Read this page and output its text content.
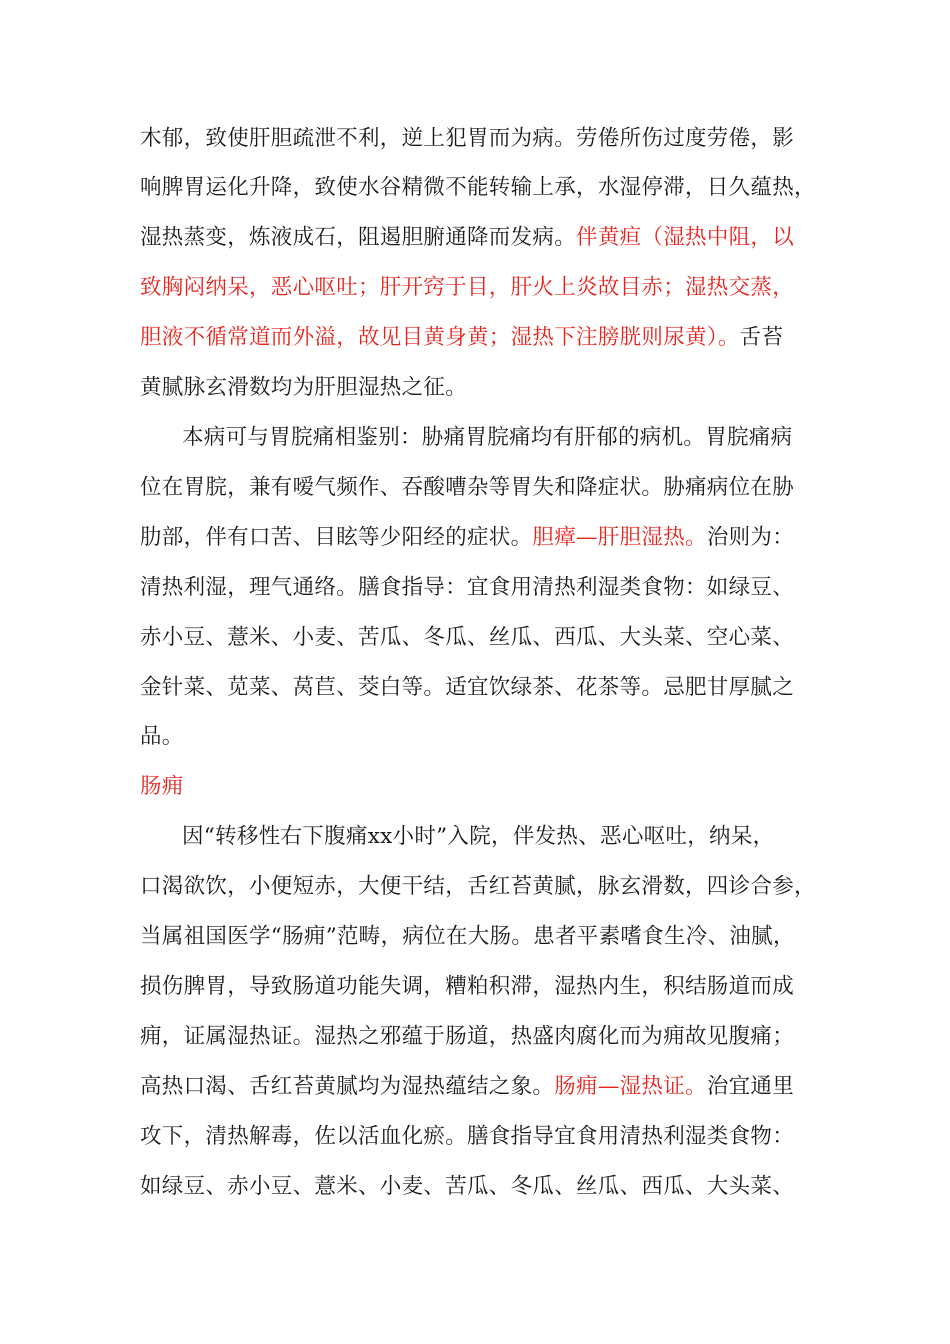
木郁，致使肝胆疏泄不利，逆上犯胃而为病。劳倦所伤过度劳倦，影
响脾胃运化升降，致使水谷精微不能转输上承，水湿停滞，日久蕴热，
湿热蒸变，炼液成石，阻遏胆腑通降而发病。伴黄疸（湿热中阻，以
致胸闷纳呆，恶心呕吐；肝开窍于目，肝火上炎故目赤；湿热交蒸，
胆液不循常道而外溢，故见目黄身黄；湿热下注膀胱则尿黄）。舌苔
黄腻脉玄滑数均为肝胆湿热之征。
本病可与胃脘痛相鉴别：胁痛胃脘痛均有肝郁的病机。胃脘痛病
位在胃脘，兼有嗳气频作、吞酸嘈杂等胃失和降症状。胁痛病位在胁
肋部，伴有口苦、目眩等少阳经的症状。胆瘴—肝胆湿热。治则为：
清热利湿，理气通络。膳食指导：宜食用清热利湿类食物：如绿豆、
赤小豆、薏米、小麦、苦瓜、冬瓜、丝瓜、西瓜、大头菜、空心菜、
金针菜、苋菜、莴苣、茭白等。适宜饮绿茶、花茶等。忌肥甘厚腻之
品。
肠痈
因“转移性右下腹痛xx小时”入院，伴发热、恶心呕吐，纳呆，
口渴欲饮，小便短赤，大便干结，舌红苔黄腻，脉玄滑数，四诊合参，
当属祖国医学“肠痈”范畴，病位在大肠。患者平素嗜食生冷、油腻，
损伤脾胃，导致肠道功能失调，糟粕积滞，湿热内生，积结肠道而成
痈，证属湿热证。湿热之邪蕴于肠道，热盛肉腐化而为痈故见腹痛；
高热口渴、舌红苔黄腻均为湿热蕴结之象。肠痈—湿热证。治宜通里
攻下，清热解毒，佐以活血化瘀。膳食指导宜食用清热利湿类食物：
如绿豆、赤小豆、薏米、小麦、苦瓜、冬瓜、丝瓜、西瓜、大头菜、
